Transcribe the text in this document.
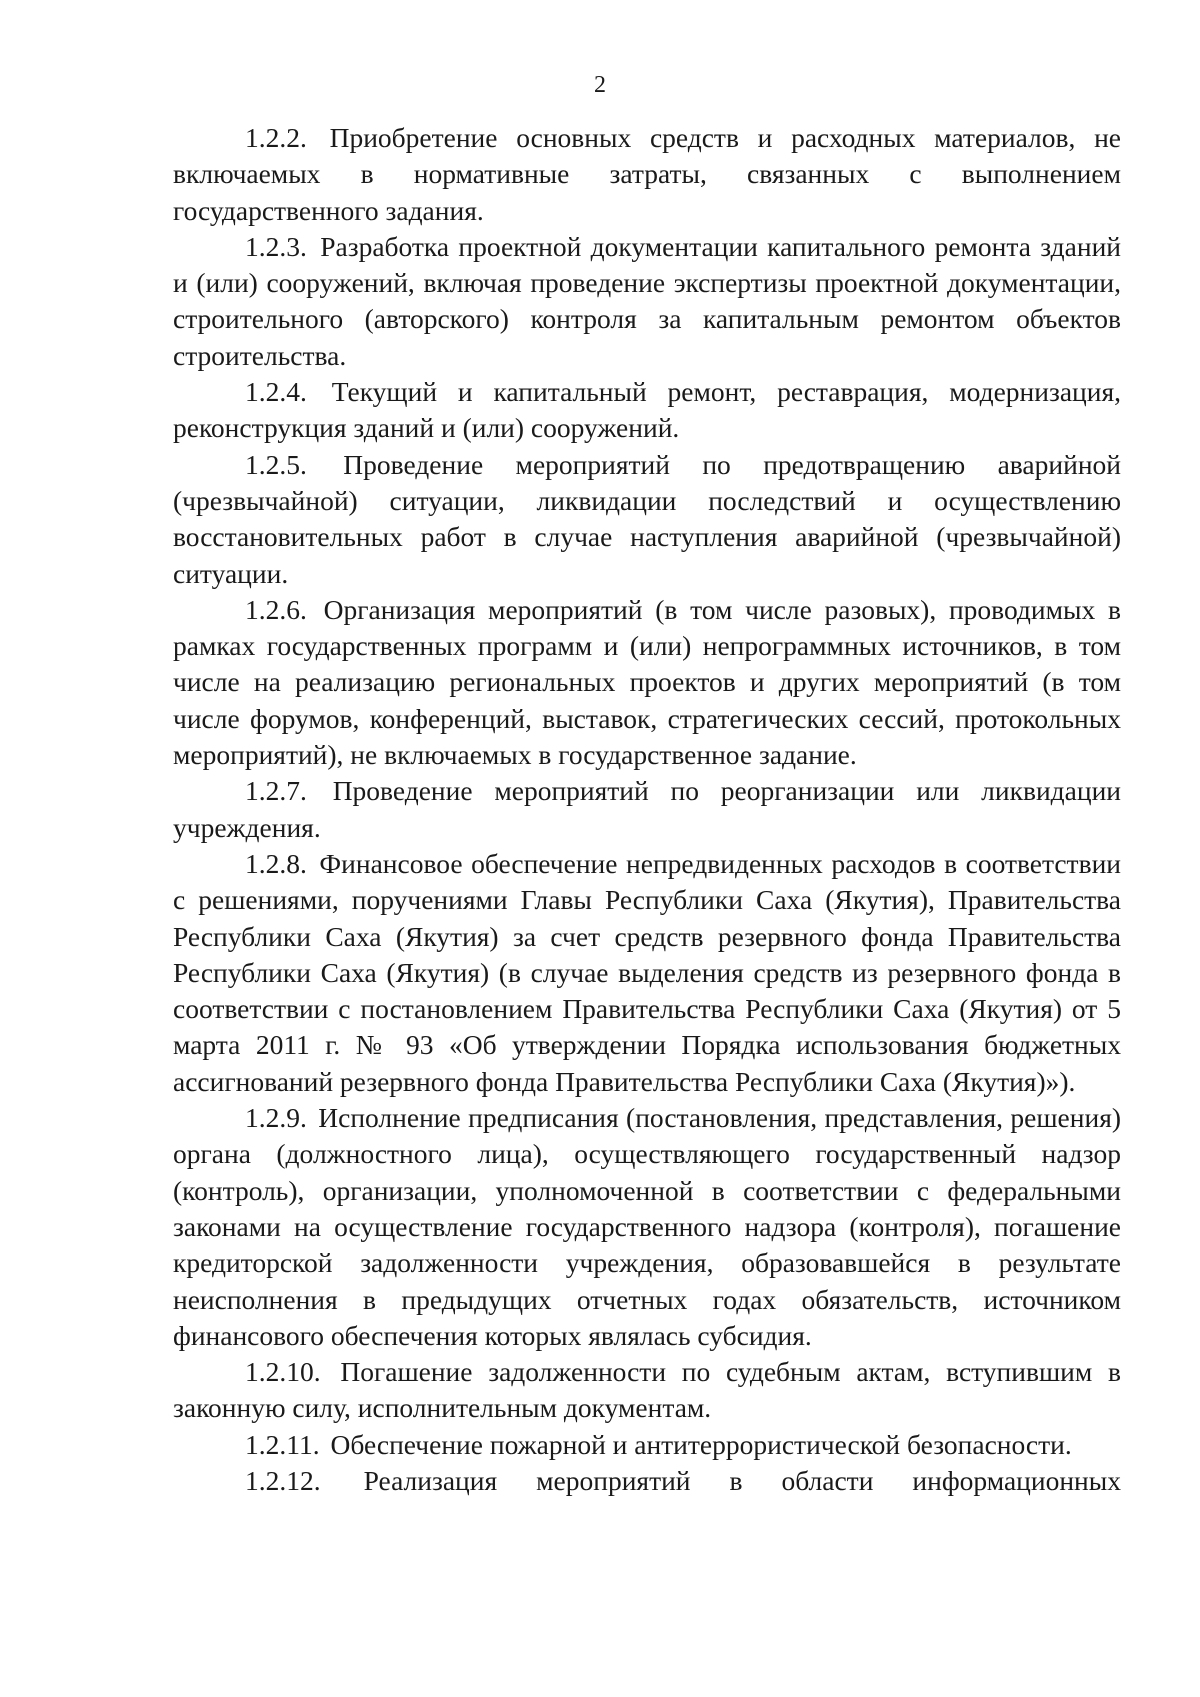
2

1.2.2. Приобретение основных средств и расходных материалов, не включаемых в нормативные затраты, связанных с выполнением государственного задания.

1.2.3. Разработка проектной документации капитального ремонта зданий и (или) сооружений, включая проведение экспертизы проектной документации, строительного (авторского) контроля за капитальным ремонтом объектов строительства.

1.2.4. Текущий и капитальный ремонт, реставрация, модернизация, реконструкция зданий и (или) сооружений.

1.2.5. Проведение мероприятий по предотвращению аварийной (чрезвычайной) ситуации, ликвидации последствий и осуществлению восстановительных работ в случае наступления аварийной (чрезвычайной) ситуации.

1.2.6. Организация мероприятий (в том числе разовых), проводимых в рамках государственных программ и (или) непрограммных источников, в том числе на реализацию региональных проектов и других мероприятий (в том числе форумов, конференций, выставок, стратегических сессий, протокольных мероприятий), не включаемых в государственное задание.

1.2.7. Проведение мероприятий по реорганизации или ликвидации учреждения.

1.2.8. Финансовое обеспечение непредвиденных расходов в соответствии с решениями, поручениями Главы Республики Саха (Якутия), Правительства Республики Саха (Якутия) за счет средств резервного фонда Правительства Республики Саха (Якутия) (в случае выделения средств из резервного фонда в соответствии с постановлением Правительства Республики Саха (Якутия) от 5 марта 2011 г. № 93 «Об утверждении Порядка использования бюджетных ассигнований резервного фонда Правительства Республики Саха (Якутия)»).

1.2.9. Исполнение предписания (постановления, представления, решения) органа (должностного лица), осуществляющего государственный надзор (контроль), организации, уполномоченной в соответствии с федеральными законами на осуществление государственного надзора (контроля), погашение кредиторской задолженности учреждения, образовавшейся в результате неисполнения в предыдущих отчетных годах обязательств, источником финансового обеспечения которых являлась субсидия.

1.2.10. Погашение задолженности по судебным актам, вступившим в законную силу, исполнительным документам.

1.2.11. Обеспечение пожарной и антитеррористической безопасности.

1.2.12. Реализация мероприятий в области информационных
